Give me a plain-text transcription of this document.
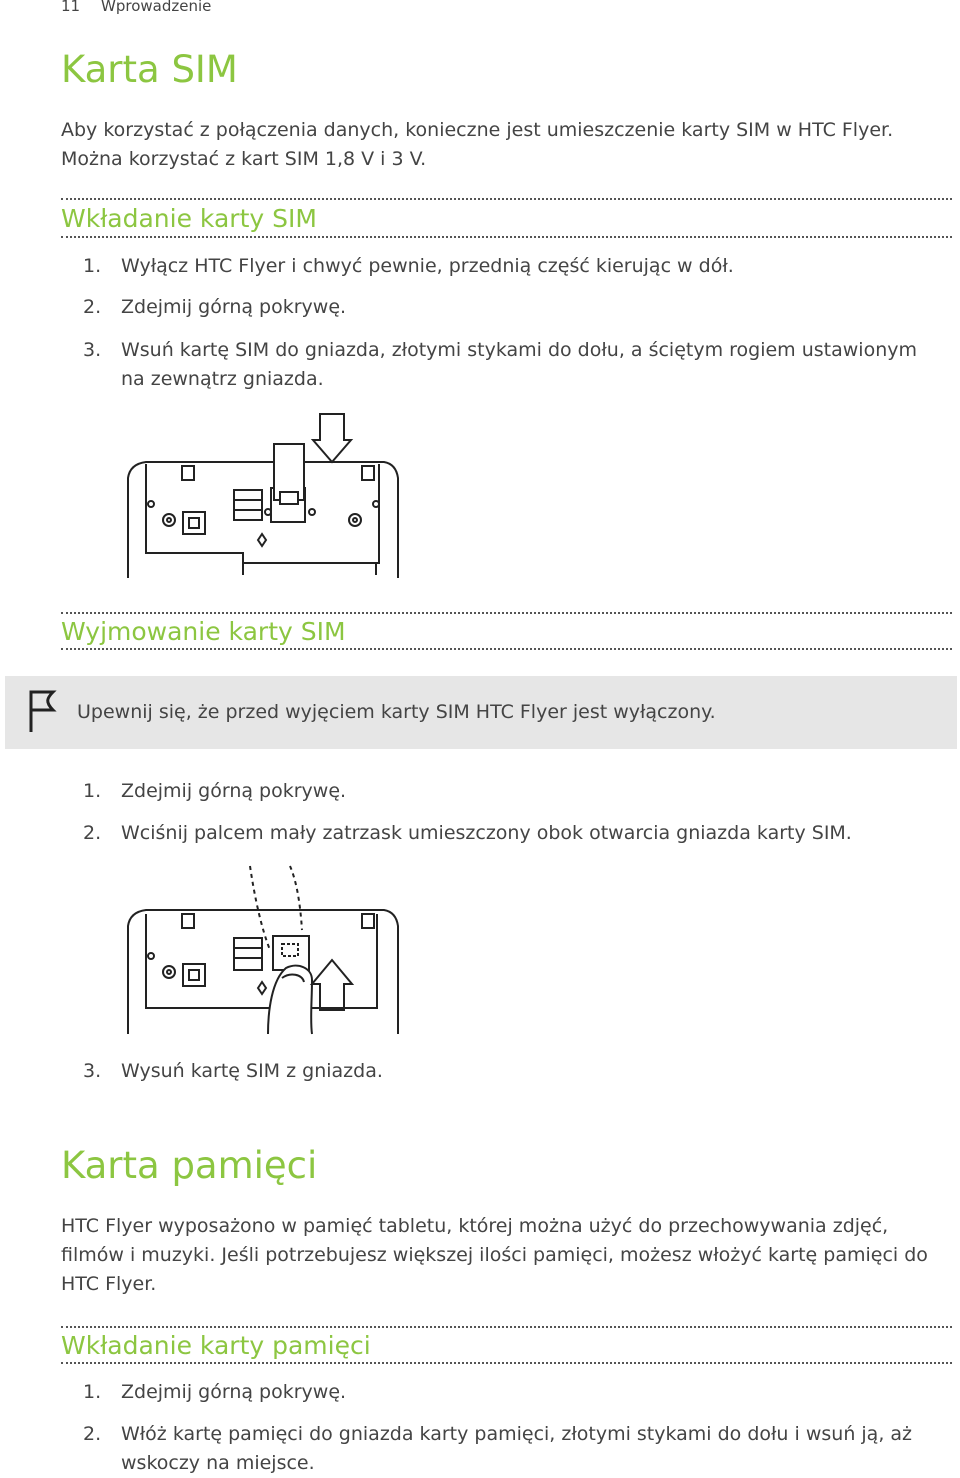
11 Wprowadzenie
Karta SIM
Aby korzystać z połączenia danych, konieczne jest umieszczenie karty SIM w HTC Flyer. Można korzystać z kart SIM 1,8 V i 3 V.
Wkładanie karty SIM
1. Wyłącz HTC Flyer i chwyć pewnie, przednią część kierując w dół.
2. Zdejmij górną pokrywę.
3. Wsuń kartę SIM do gniazda, złotymi stykami do dołu, a ściętym rogiem ustawionym na zewnątrz gniazda.
Wyjmowanie karty SIM
Upewnij się, że przed wyjęciem karty SIM HTC Flyer jest wyłączony.
1. Zdejmij górną pokrywę.
2. Wciśnij palcem mały zatrzask umieszczony obok otwarcia gniazda karty SIM.
3. Wysuń kartę SIM z gniazda.
Karta pamięci
HTC Flyer wyposażono w pamięć tabletu, której można użyć do przechowywania zdjęć, filmów i muzyki. Jeśli potrzebujesz większej ilości pamięci, możesz włożyć kartę pamięci do HTC Flyer.
Wkładanie karty pamięci
1. Zdejmij górną pokrywę.
2. Włóż kartę pamięci do gniazda karty pamięci, złotymi stykami do dołu i wsuń ją, aż wskoczy na miejsce.
